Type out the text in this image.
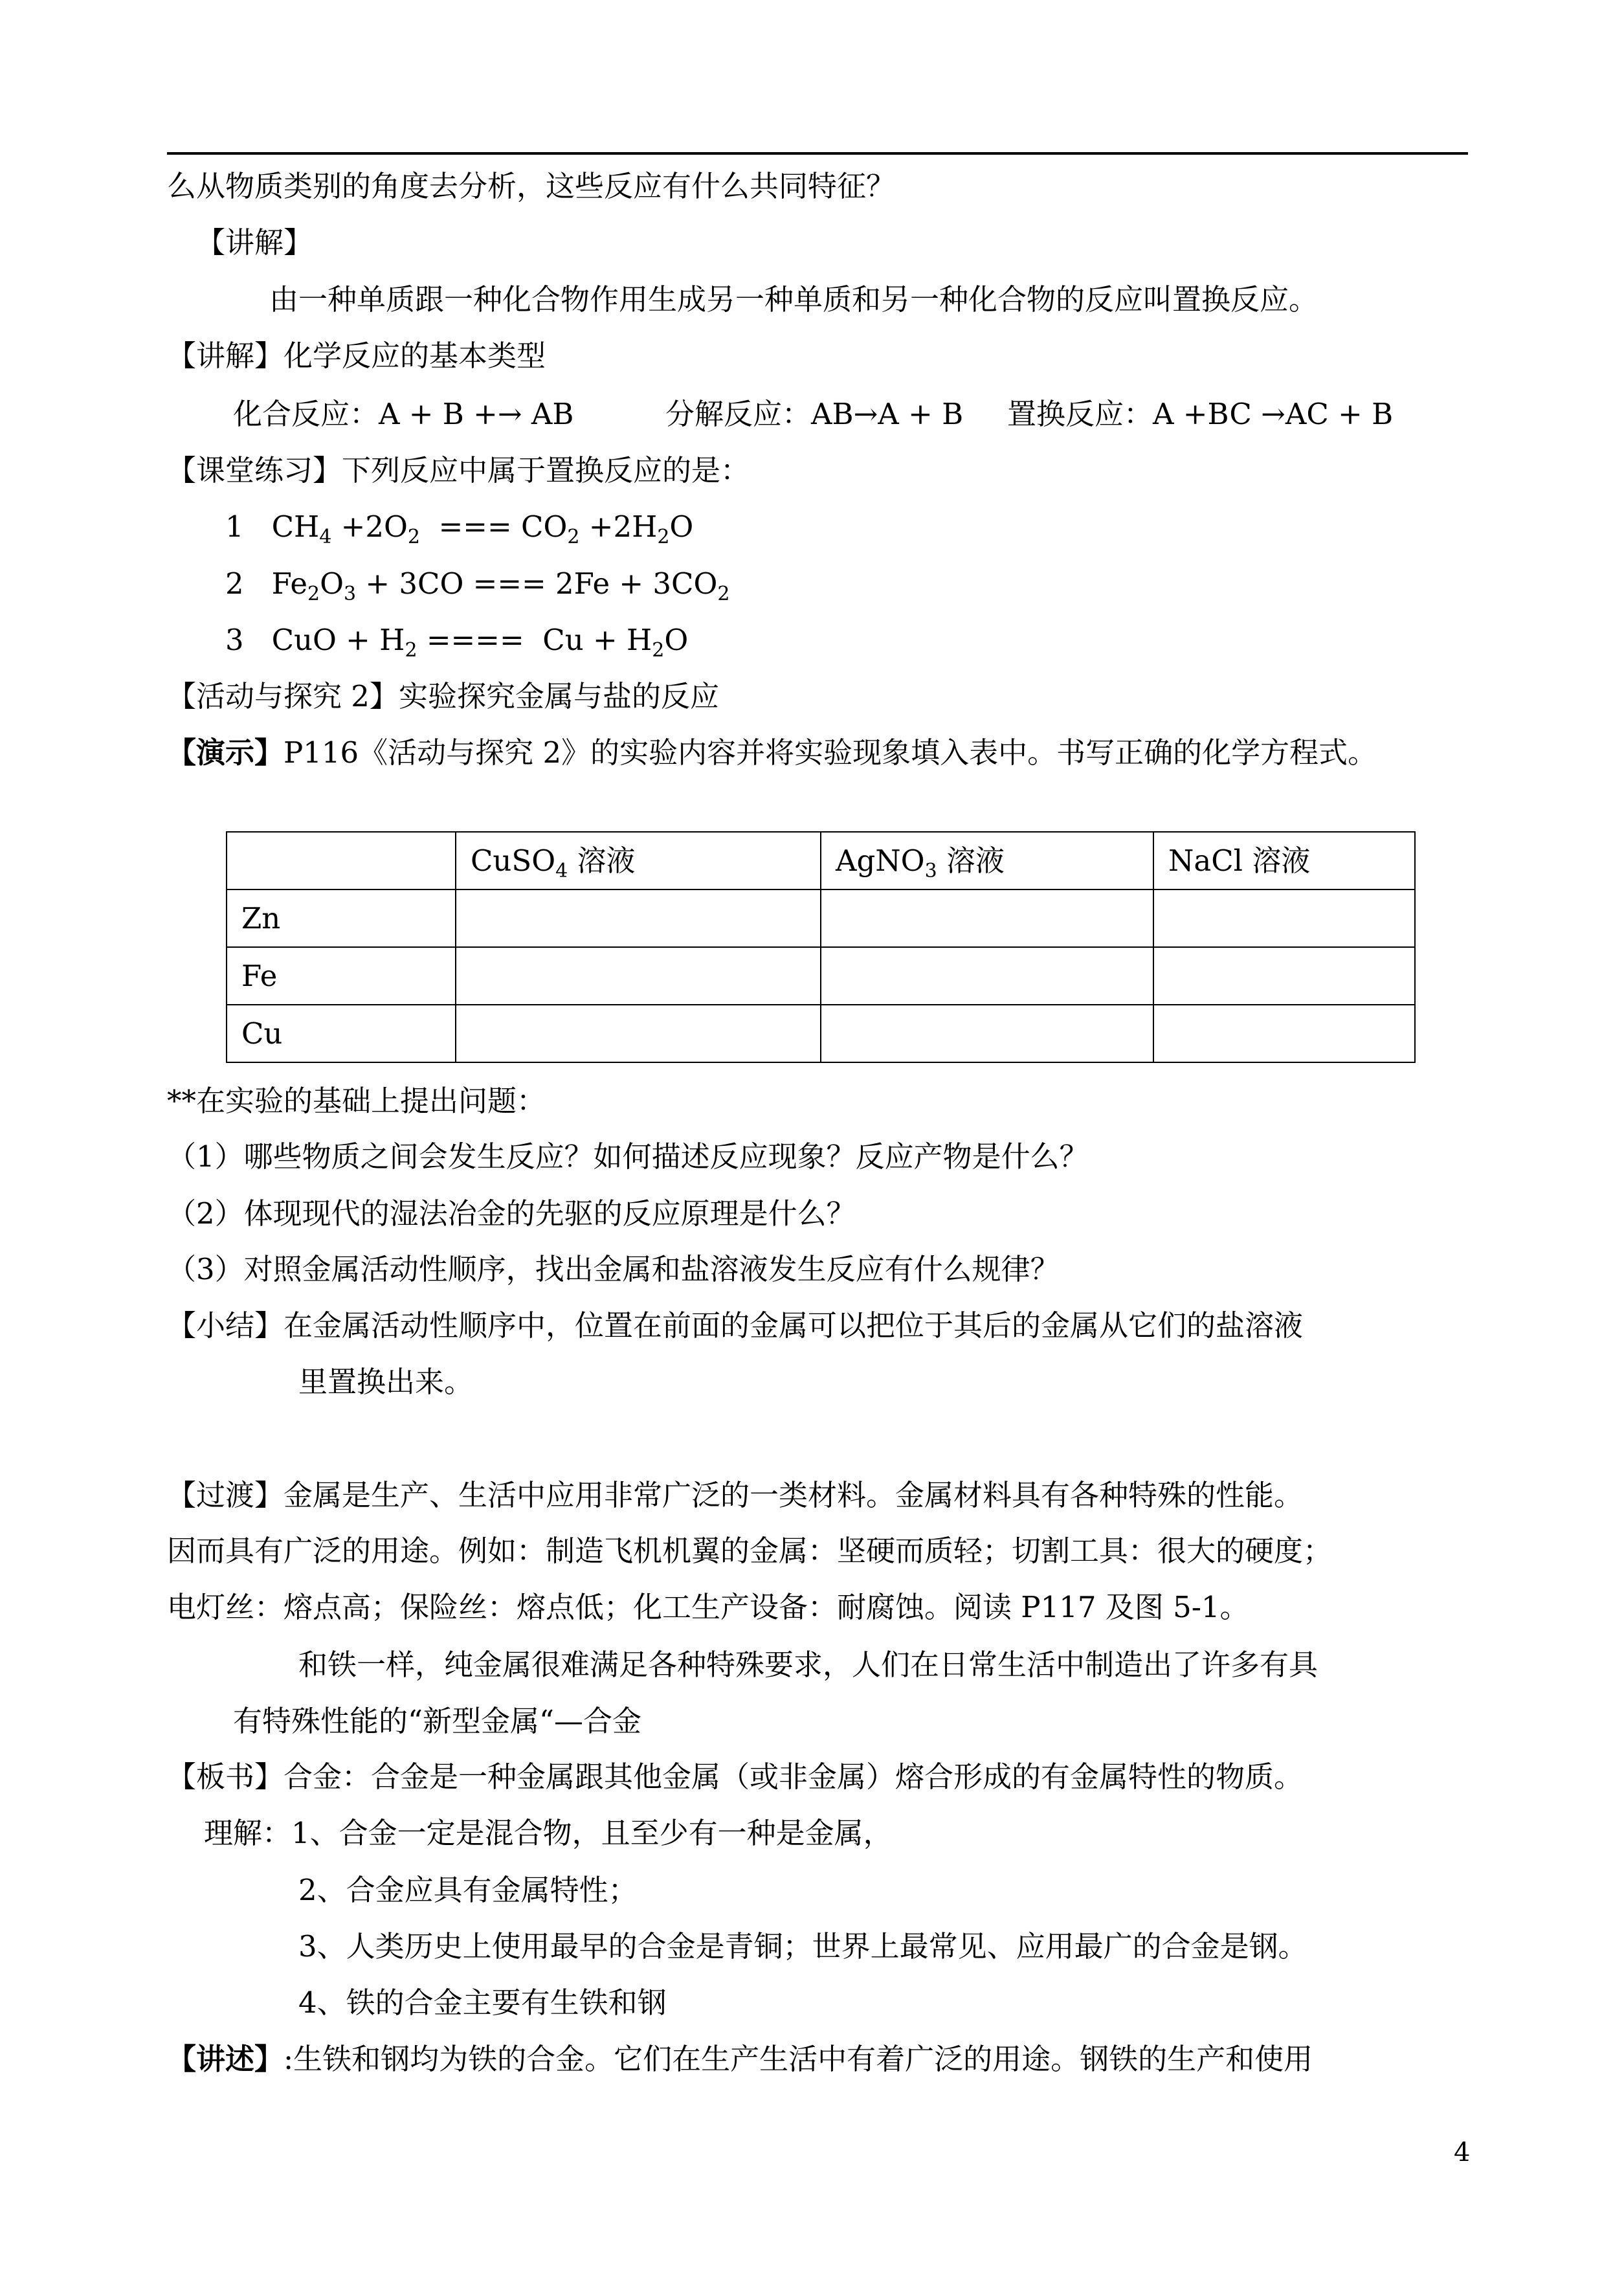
么从物质类别的角度去分析，这些反应有什么共同特征？
【讲解】
由一种单质跟一种化合物作用生成另一种单质和另一种化合物的反应叫置换反应。
【讲解】化学反应的基本类型
化合反应：A + B +→ AB	分解反应：AB→A + B 置换反应：A +BC →AC + B
【课堂练习】下列反应中属于置换反应的是：
1 $CH_4 +2O_2$  === $CO_2 +2H_2O$
2 $Fe_2O_3 + 3CO$ === $2Fe + 3CO_2$
3 CuO + $H_2$ ====  $Cu + H_2O$
【活动与探究 2】实验探究金属与盐的反应
【演示】P116《活动与探究 2》的实验内容并将实验现象填入表中。书写正确的化学方程式。
	CuSO$_4$ 溶液	AgNO$_3$ 溶液	NaCl 溶液
Zn			
Fe			
Cu			
**在实验的基础上提出问题：
（1）哪些物质之间会发生反应？如何描述反应现象？反应产物是什么？
（2）体现现代的湿法冶金的先驱的反应原理是什么？
（3）对照金属活动性顺序，找出金属和盐溶液发生反应有什么规律？
【小结】在金属活动性顺序中，位置在前面的金属可以把位于其后的金属从它们的盐溶液
里置换出来。
【过渡】金属是生产、生活中应用非常广泛的一类材料。金属材料具有各种特殊的性能。
因而具有广泛的用途。例如：制造飞机机翼的金属：坚硬而质轻；切割工具：很大的硬度；
电灯丝：熔点高；保险丝：熔点低；化工生产设备：耐腐蚀。阅读 P117 及图 5-1。
和铁一样，纯金属很难满足各种特殊要求，人们在日常生活中制造出了许多有具
有特殊性能的“新型金属“—合金
【板书】合金：合金是一种金属跟其他金属（或非金属）熔合形成的有金属特性的物质。
理解：1、合金一定是混合物，且至少有一种是金属，
2、合金应具有金属特性；
3、人类历史上使用最早的合金是青铜；世界上最常见、应用最广的合金是钢。
4、铁的合金主要有生铁和钢
【讲述】:生铁和钢均为铁的合金。它们在生产生活中有着广泛的用途。钢铁的生产和使用
4
